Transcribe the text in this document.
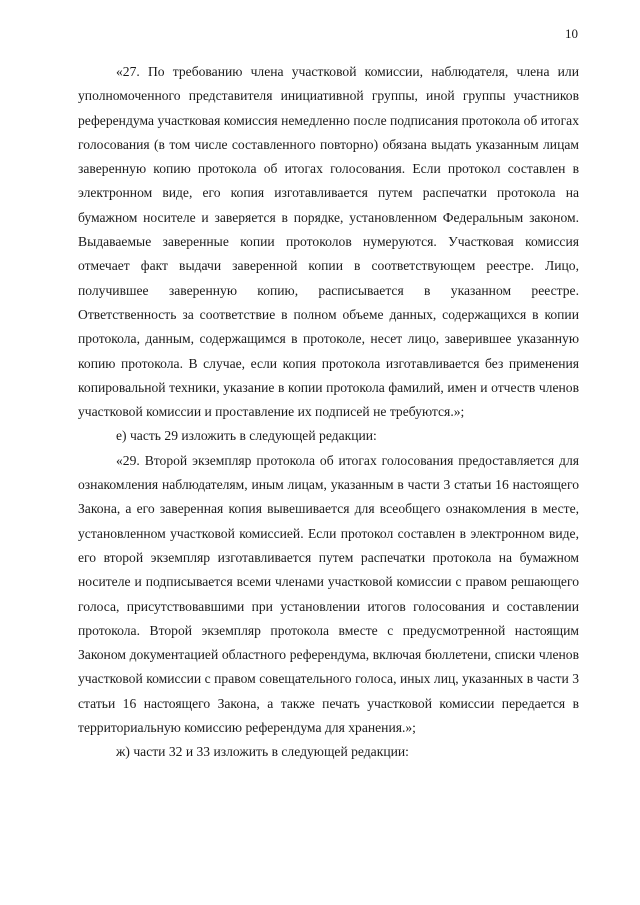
10

«27. По требованию члена участковой комиссии, наблюдателя, члена или уполномоченного представителя инициативной группы, иной группы участников референдума участковая комиссия немедленно после подписания протокола об итогах голосования (в том числе составленного повторно) обязана выдать указанным лицам заверенную копию протокола об итогах голосования. Если протокол составлен в электронном виде, его копия изготавливается путем распечатки протокола на бумажном носителе и заверяется в порядке, установленном Федеральным законом. Выдаваемые заверенные копии протоколов нумеруются. Участковая комиссия отмечает факт выдачи заверенной копии в соответствующем реестре. Лицо, получившее заверенную копию, расписывается в указанном реестре. Ответственность за соответствие в полном объеме данных, содержащихся в копии протокола, данным, содержащимся в протоколе, несет лицо, заверившее указанную копию протокола. В случае, если копия протокола изготавливается без применения копировальной техники, указание в копии протокола фамилий, имен и отчеств членов участковой комиссии и проставление их подписей не требуются.»;

е) часть 29 изложить в следующей редакции:

«29. Второй экземпляр протокола об итогах голосования предоставляется для ознакомления наблюдателям, иным лицам, указанным в части 3 статьи 16 настоящего Закона, а его заверенная копия вывешивается для всеобщего ознакомления в месте, установленном участковой комиссией. Если протокол составлен в электронном виде, его второй экземпляр изготавливается путем распечатки протокола на бумажном носителе и подписывается всеми членами участковой комиссии с правом решающего голоса, присутствовавшими при установлении итогов голосования и составлении протокола. Второй экземпляр протокола вместе с предусмотренной настоящим Законом документацией областного референдума, включая бюллетени, списки членов участковой комиссии с правом совещательного голоса, иных лиц, указанных в части 3 статьи 16 настоящего Закона, а также печать участковой комиссии передается в территориальную комиссию референдума для хранения.»;

ж) части 32 и 33 изложить в следующей редакции:
